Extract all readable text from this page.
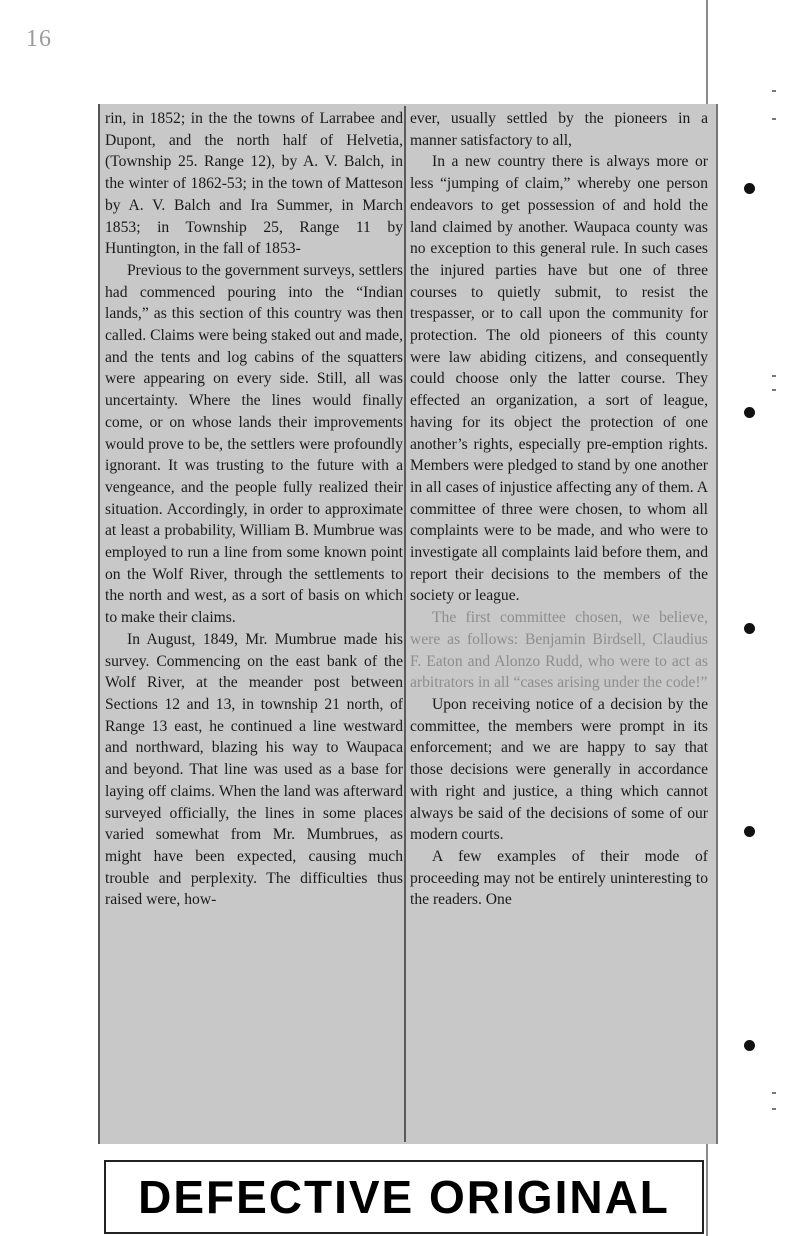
16

rin, in 1852; in the the towns of Larrabee and Dupont, and the north half of Helvetia, (Township 25. Range 12), by A. V. Balch, in the winter of 1862-53; in the town of Matteson by A. V. Balch and Ira Summer, in March 1853; in Township 25, Range 11 by Huntington, in the fall of 1853-

Previous to the government surveys, settlers had commenced pouring into the “Indian lands,” as this section of this country was then called. Claims were being staked out and made, and the tents and log cabins of the squatters were appearing on every side. Still, all was uncertainty. Where the lines would finally come, or on whose lands their improvements would prove to be, the settlers were profoundly ignorant. It was trusting to the future with a vengeance, and the people fully realized their situation. Accordingly, in order to approximate at least a probability, William B. Mumbrue was employed to run a line from some known point on the Wolf River, through the settlements to the north and west, as a sort of basis on which to make their claims.

In August, 1849, Mr. Mumbrue made his survey. Commencing on the east bank of the Wolf River, at the meander post between Sections 12 and 13, in township 21 north, of Range 13 east, he continued a line westward and northward, blazing his way to Waupaca and beyond. That line was used as a base for laying off claims. When the land was afterward surveyed officially, the lines in some places varied somewhat from Mr. Mumbrues, as might have been expected, causing much trouble and perplexity. The difficulties thus raised were, how-

ever, usually settled by the pioneers in a manner satisfactory to all,

In a new country there is always more or less “jumping of claim,” whereby one person endeavors to get possession of and hold the land claimed by another. Waupaca county was no exception to this general rule. In such cases the injured parties have but one of three courses to quietly submit, to resist the trespasser, or to call upon the community for protection. The old pioneers of this county were law abiding citizens, and consequently could choose only the latter course. They effected an organization, a sort of league, having for its object the protection of one another’s rights, especially pre-emption rights. Members were pledged to stand by one another in all cases of injustice affecting any of them. A committee of three were chosen, to whom all complaints were to be made, and who were to investigate all complaints laid before them, and report their decisions to the members of the society or league.

The first committee chosen, we believe, were as follows: Benjamin Birdsell, Claudius F. Eaton and Alonzo Rudd, who were to act as arbitrators in all “cases arising under the code!”

Upon receiving notice of a decision by the committee, the members were prompt in its enforcement; and we are happy to say that those decisions were generally in accordance with right and justice, a thing which cannot always be said of the decisions of some of our modern courts.

A few examples of their mode of proceeding may not be entirely uninteresting to the readers. One

DEFECTIVE ORIGINAL
